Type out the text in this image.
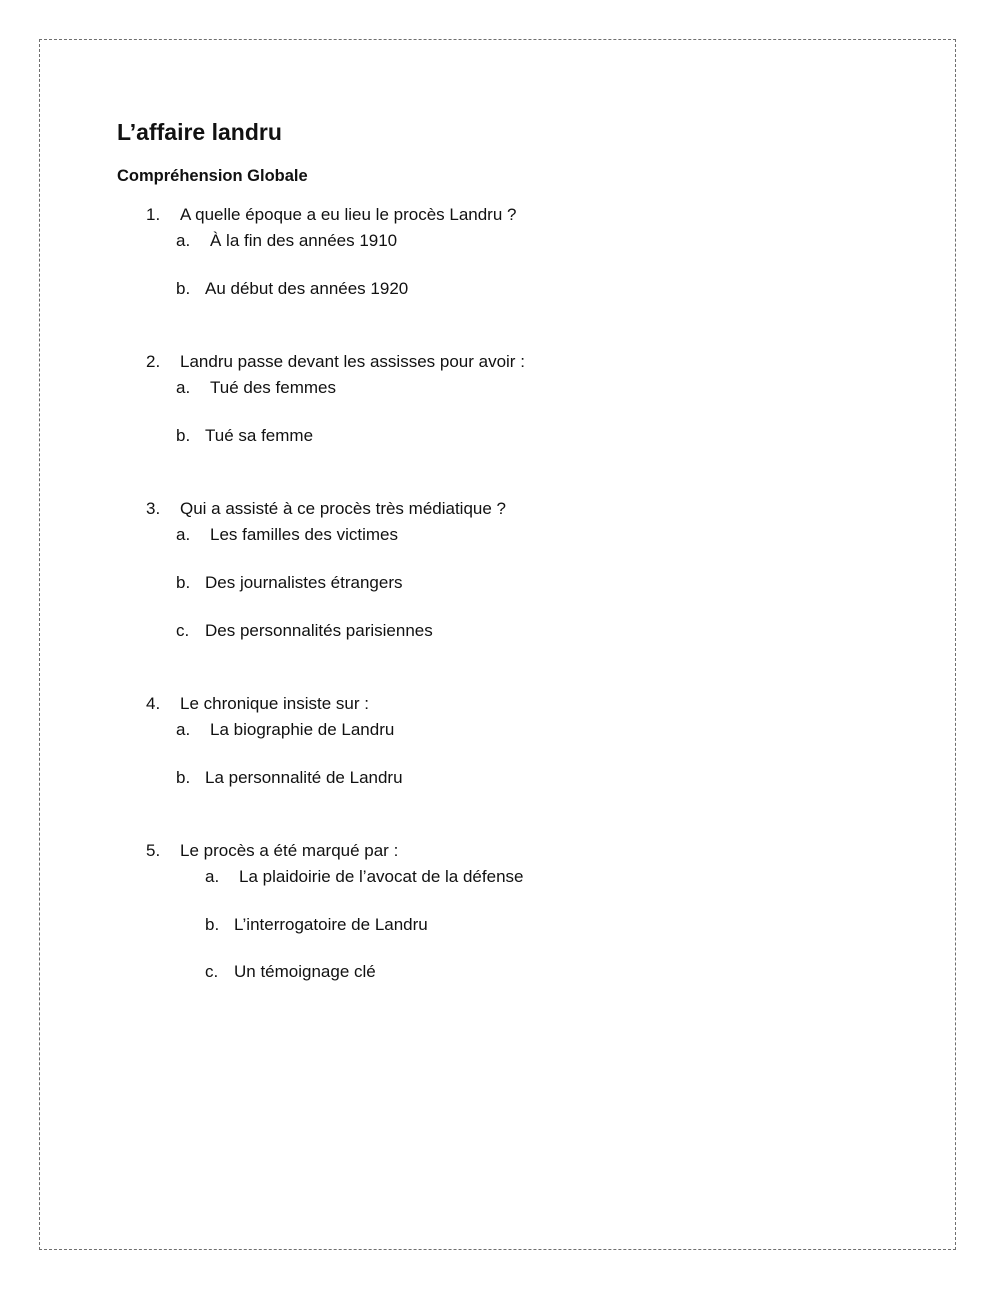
L’affaire landru
Compréhension Globale
1. A quelle époque a eu lieu le procès Landru ?
a. À la fin des années 1910
b. Au début des années 1920
2. Landru passe devant les assisses pour avoir :
a. Tué des femmes
b. Tué sa femme
3. Qui a assisté à ce procès très médiatique ?
a. Les familles des victimes
b. Des journalistes étrangers
c. Des personnalités parisiennes
4. Le chronique insiste sur :
a. La biographie de Landru
b. La personnalité de Landru
5. Le procès a été marqué par :
a. La plaidoirie de l’avocat de la défense
b. L’interrogatoire de Landru
c. Un témoignage clé
